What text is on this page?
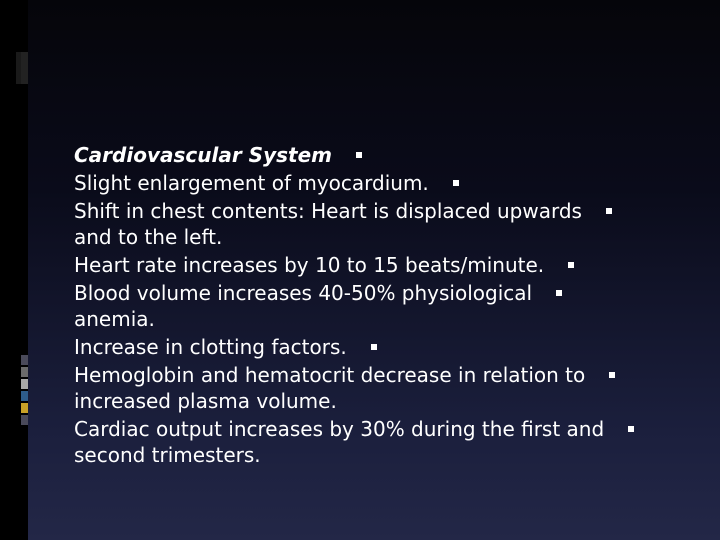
Cardiovascular System
Slight enlargement of myocardium.
Shift in chest contents: Heart is displaced upwards
and to the left.
Heart rate increases by 10 to 15 beats/minute.
Blood volume increases 40-50% physiological
anemia.
Increase in clotting factors.
Hemoglobin and hematocrit decrease in relation to
increased plasma volume.
Cardiac output increases by 30% during the first and
second trimesters.
